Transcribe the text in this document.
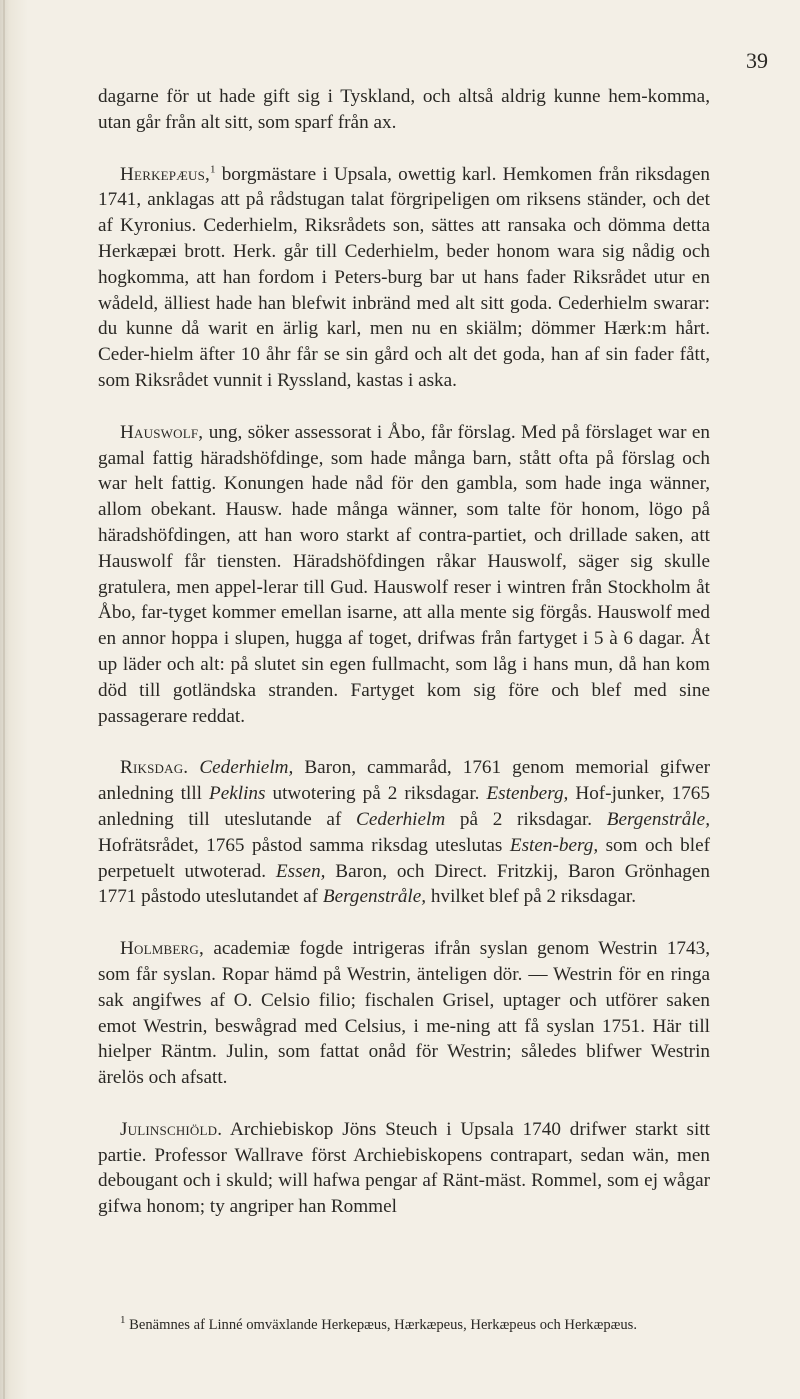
39

dagarne för ut hade gift sig i Tyskland, och altså aldrig kunne hem-komma, utan går från alt sitt, som sparf från ax.

Herkepæus,$^1$ borgmästare i Upsala, owettig karl. Hemkomen från riksdagen 1741, anklagas att på rådstugan talat förgripeligen om riksens ständer, och det af Kyronius. Cederhielm, Riksrådets son, sättes att ransaka och dömma detta Herkæpæi brott. Herk. går till Cederhielm, beder honom wara sig nådig och hogkomma, att han fordom i Peters-burg bar ut hans fader Riksrådet utur en wådeld, älliest hade han blefwit inbränd med alt sitt goda. Cederhielm swarar: du kunne då warit en ärlig karl, men nu en skiälm; dömmer Hærk:m hårt. Ceder-hielm äfter 10 åhr får se sin gård och alt det goda, han af sin fader fått, som Riksrådet vunnit i Ryssland, kastas i aska.

Hauswolf, ung, söker assessorat i Åbo, får förslag. Med på förslaget war en gamal fattig häradshöfdinge, som hade många barn, stått ofta på förslag och war helt fattig. Konungen hade nåd för den gambla, som hade inga wänner, allom obekant. Hausw. hade många wänner, som talte för honom, lögo på häradshöfdingen, att han woro starkt af contra-partiet, och drillade saken, att Hauswolf får tiensten. Häradshöfdingen råkar Hauswolf, säger sig skulle gratulera, men appel-lerar till Gud. Hauswolf reser i wintren från Stockholm åt Åbo, far-tyget kommer emellan isarne, att alla mente sig förgås. Hauswolf med en annor hoppa i slupen, hugga af toget, drifwas från fartyget i 5 à 6 dagar. Åt up läder och alt: på slutet sin egen fullmacht, som låg i hans mun, då han kom död till gotländska stranden. Fartyget kom sig före och blef med sine passagerare reddat.

Riksdag. Cederhielm, Baron, cammaråd, 1761 genom memorial gifwer anledning tlll Peklins utwotering på 2 riksdagar. Estenberg, Hof-junker, 1765 anledning till uteslutande af Cederhielm på 2 riksdagar. Bergenstråle, Hofrätsrådet, 1765 påstod samma riksdag uteslutas Esten-berg, som och blef perpetuelt utwoterad. Essen, Baron, och Direct. Fritzkij, Baron Grönhagen 1771 påstodo uteslutandet af Bergenstråle, hvilket blef på 2 riksdagar.

Holmberg, academiæ fogde intrigeras ifrån syslan genom Westrin 1743, som får syslan. Ropar hämd på Westrin, änteligen dör. — Westrin för en ringa sak angifwes af O. Celsio filio; fischalen Grisel, uptager och utförer saken emot Westrin, beswågrad med Celsius, i me-ning att få syslan 1751. Här till hielper Räntm. Julin, som fattat onåd för Westrin; således blifwer Westrin ärelös och afsatt.

Julinschiöld. Archiebiskop Jöns Steuch i Upsala 1740 drifwer starkt sitt partie. Professor Wallrave först Archiebiskopens contrapart, sedan wän, men debougant och i skuld; will hafwa pengar af Ränt-mäst. Rommel, som ej wågar gifwa honom; ty angriper han Rommel

$^1$ Benämnes af Linné omväxlande Herkepæus, Hærkæpeus, Herkæpeus och Herkæpæus.
